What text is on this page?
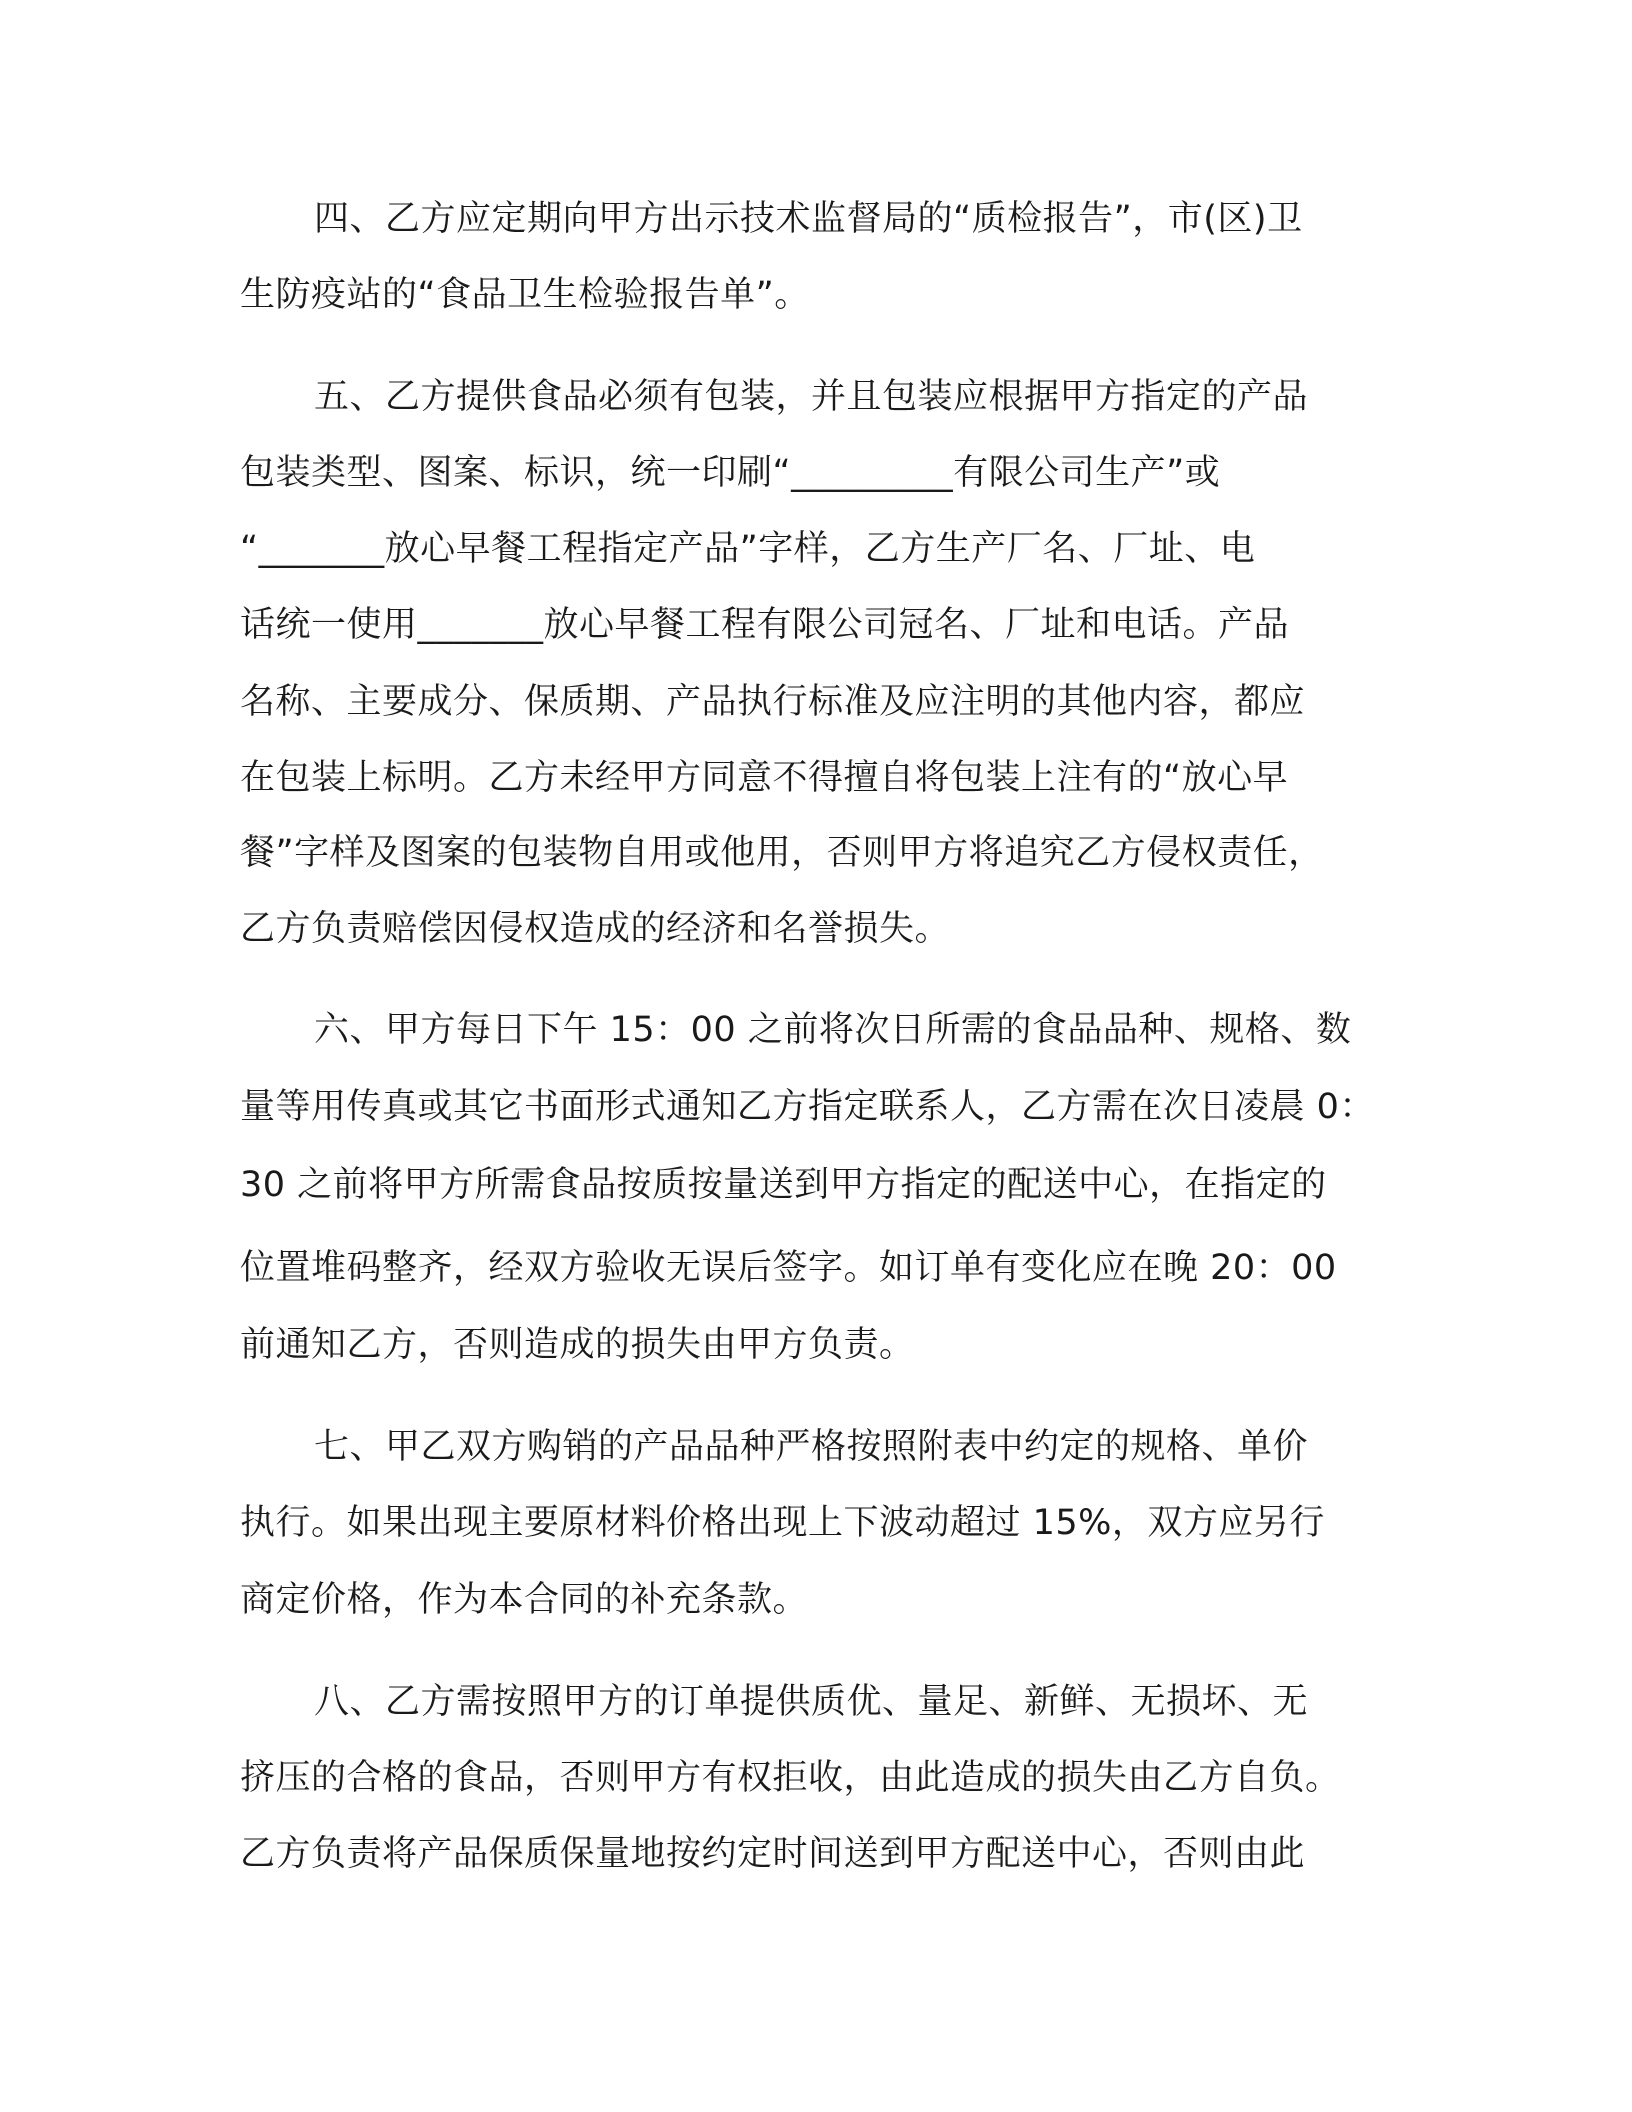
四、乙方应定期向甲方出示技术监督局的“质检报告”，市(区)卫
生防疫站的“食品卫生检验报告单”。
五、乙方提供食品必须有包装，并且包装应根据甲方指定的产品
包装类型、图案、标识，统一印刷“_________有限公司生产”或
“_______放心早餐工程指定产品”字样，乙方生产厂名、厂址、电
话统一使用_______放心早餐工程有限公司冠名、厂址和电话。产品
名称、主要成分、保质期、产品执行标准及应注明的其他内容，都应
在包装上标明。乙方未经甲方同意不得擅自将包装上注有的“放心早
餐”字样及图案的包装物自用或他用，否则甲方将追究乙方侵权责任，
乙方负责赔偿因侵权造成的经济和名誉损失。
六、甲方每日下午 15：00 之前将次日所需的食品品种、规格、数
量等用传真或其它书面形式通知乙方指定联系人，乙方需在次日凌晨 0：
30 之前将甲方所需食品按质按量送到甲方指定的配送中心，在指定的
位置堆码整齐，经双方验收无误后签字。如订单有变化应在晚 20：00
前通知乙方，否则造成的损失由甲方负责。
七、甲乙双方购销的产品品种严格按照附表中约定的规格、单价
执行。如果出现主要原材料价格出现上下波动超过 15%，双方应另行
商定价格，作为本合同的补充条款。
八、乙方需按照甲方的订单提供质优、量足、新鲜、无损坏、无
挤压的合格的食品，否则甲方有权拒收，由此造成的损失由乙方自负。
乙方负责将产品保质保量地按约定时间送到甲方配送中心，否则由此
